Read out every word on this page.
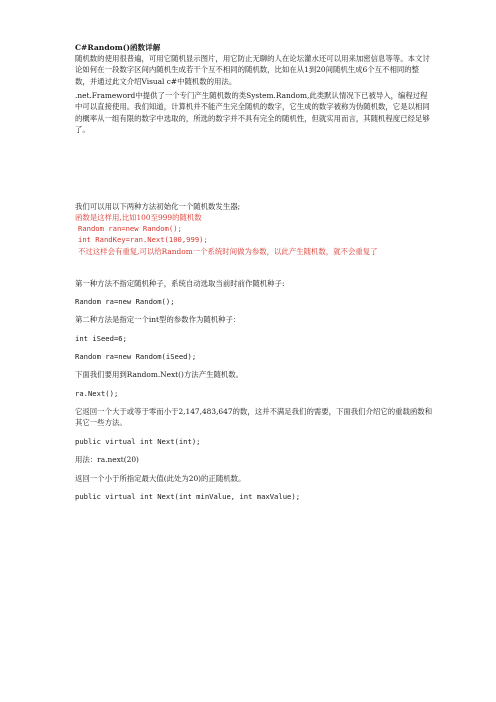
C#Random()函数详解
随机数的使用很普遍，可用它随机显示图片，用它防止无聊的人在论坛灌水还可以用来加密信息等等。本文讨论如何在一段数字区间内随机生成若干个互不相同的随机数，比如在从1到20间随机生成6个互不相同的整数，并通过此文介绍Visual c#中随机数的用法。
.net.Frameword中提供了一个专门产生随机数的类System.Random,此类默认情况下已被导入，编程过程中可以直接使用。我们知道，计算机并不能产生完全随机的数字，它生成的数字被称为伪随机数，它是以相同的概率从一组有限的数字中选取的，所选的数字并不具有完全的随机性，但就实用而言，其随机程度已经足够了。
我们可以用以下两种方法初始化一个随机数发生器;
函数是这样用,比如100至999的随机数
Random ran=new Random();
int RandKey=ran.Next(100,999);
不过这样会有重复,可以给Random一个系统时间做为参数，以此产生随机数，就不会重复了
第一种方法不指定随机种子，系统自动选取当前时前作随机种子:
Random ra=new Random();
第二种方法是指定一个int型的参数作为随机种子：
int iSeed=6;
Random ra=new Random(iSeed);
下面我们要用到Random.Next()方法产生随机数。
ra.Next();
它返回一个大于或等于零而小于2,147,483,647的数，这并不满足我们的需要，下面我们介绍它的重载函数和其它一些方法。
public virtual int Next(int);
用法：ra.next(20)
返回一个小于所指定最大值(此处为20)的正随机数。
public virtual int Next(int minValue, int maxValue);
